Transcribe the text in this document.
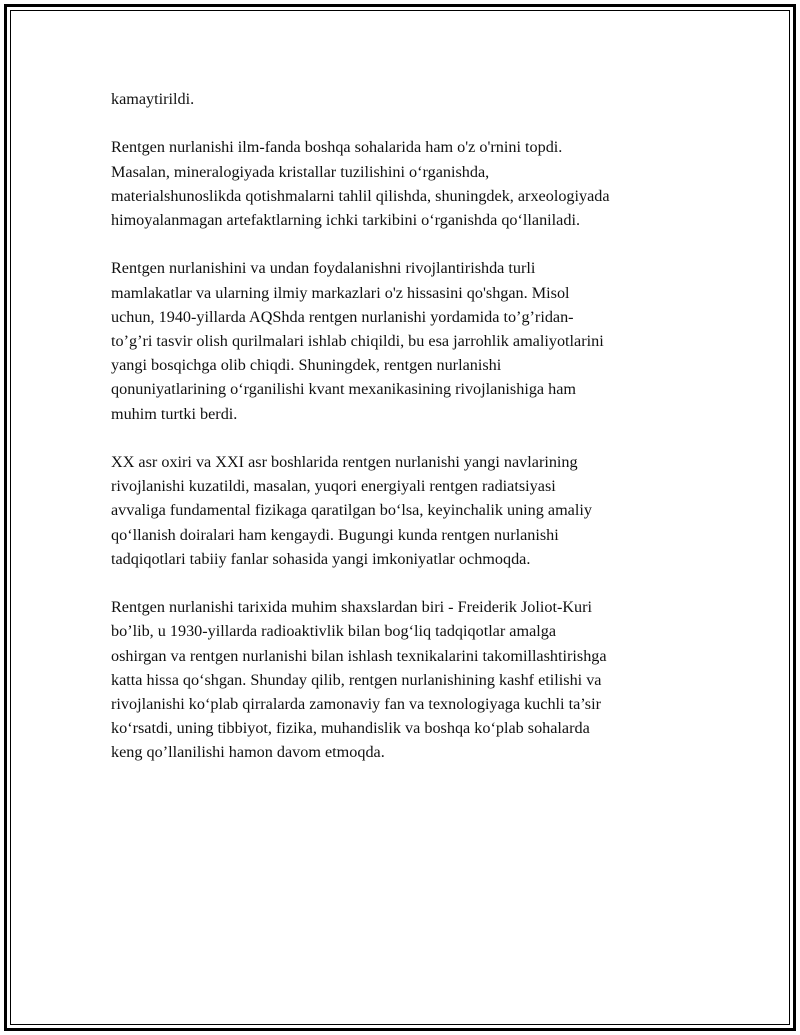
kamaytirildi.

Rentgen nurlanishi ilm-fanda boshqa sohalarida ham o'z o'rnini topdi.
Masalan, mineralogiyada kristallar tuzilishini o‘rganishda,
materialshunoslikda qotishmalarni tahlil qilishda, shuningdek, arxeologiyada
himoyalanmagan artefaktlarning ichki tarkibini o‘rganishda qo‘llaniladi.

Rentgen nurlanishini va undan foydalanishni rivojlantirishda turli
mamlakatlar va ularning ilmiy markazlari o'z hissasini qo'shgan. Misol
uchun, 1940-yillarda AQShda rentgen nurlanishi yordamida to’g’ridan-
to’g’ri tasvir olish qurilmalari ishlab chiqildi, bu esa jarrohlik amaliyotlarini
yangi bosqichga olib chiqdi. Shuningdek, rentgen nurlanishi
qonuniyatlarining o‘rganilishi kvant mexanikasining rivojlanishiga ham
muhim turtki berdi.

XX asr oxiri va XXI asr boshlarida rentgen nurlanishi yangi navlarining
rivojlanishi kuzatildi, masalan, yuqori energiyali rentgen radiatsiyasi
avvaliga fundamental fizikaga qaratilgan bo‘lsa, keyinchalik uning amaliy
qo‘llanish doiralari ham kengaydi. Bugungi kunda rentgen nurlanishi
tadqiqotlari tabiiy fanlar sohasida yangi imkoniyatlar ochmoqda.

Rentgen nurlanishi tarixida muhim shaxslardan biri - Freiderik Joliot-Kuri
bo’lib, u 1930-yillarda radioaktivlik bilan bog‘liq tadqiqotlar amalga
oshirgan va rentgen nurlanishi bilan ishlash texnikalarini takomillashtirishga
katta hissa qo‘shgan. Shunday qilib, rentgen nurlanishining kashf etilishi va
rivojlanishi ko‘plab qirralarda zamonaviy fan va texnologiyaga kuchli ta’sir
ko‘rsatdi, uning tibbiyot, fizika, muhandislik va boshqa ko‘plab sohalarda
keng qo’llanilishi hamon davom etmoqda.
